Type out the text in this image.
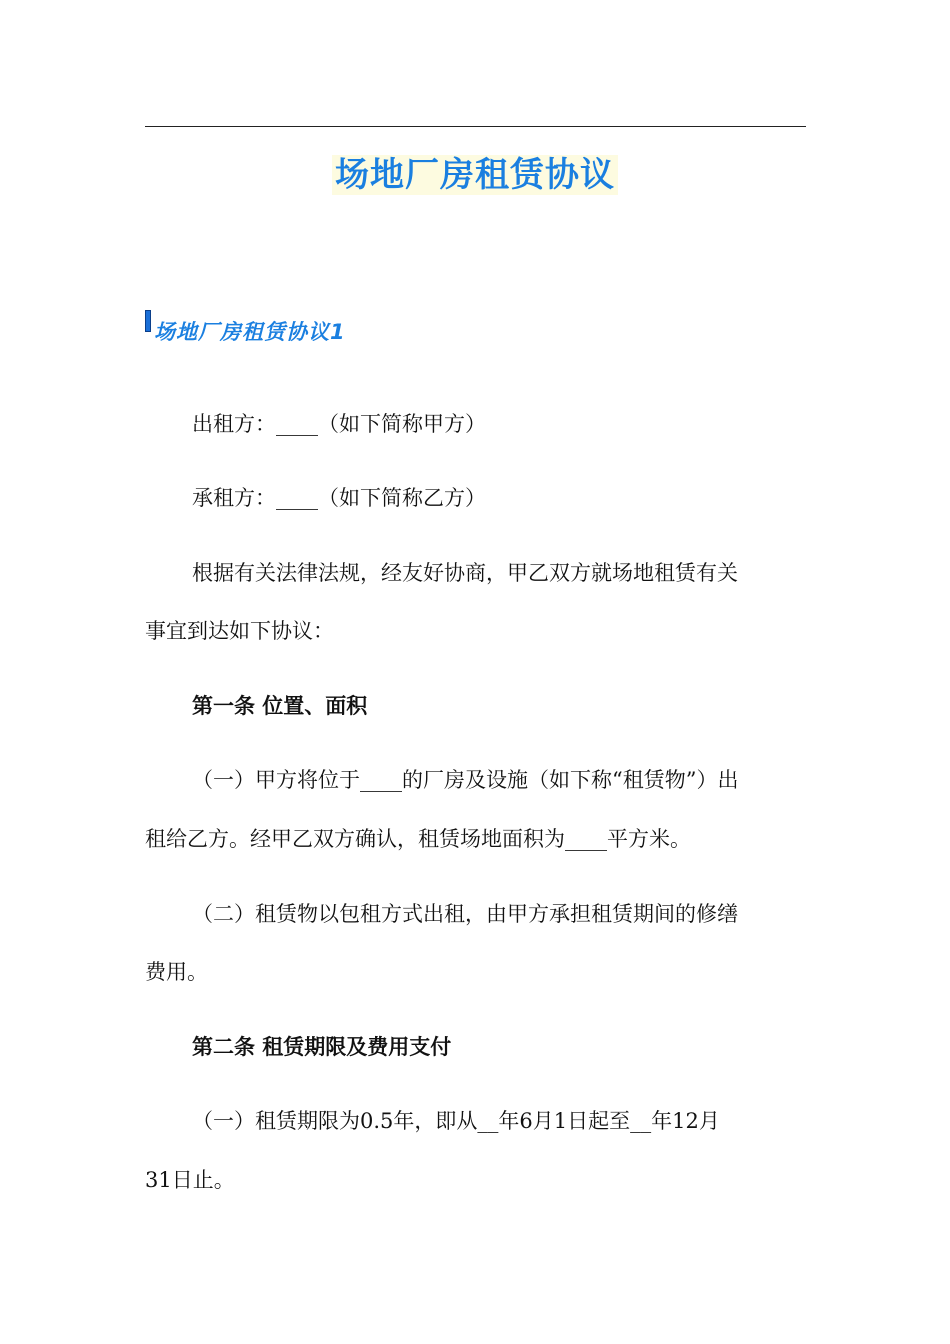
场地厂房租赁协议
场地厂房租赁协议1
出租方：____（如下简称甲方）
承租方：____（如下简称乙方）
根据有关法律法规，经友好协商，甲乙双方就场地租赁有关
事宜到达如下协议：
第一条 位置、面积
（一）甲方将位于____的厂房及设施（如下称“租赁物”）出
租给乙方。经甲乙双方确认，租赁场地面积为____平方米。
（二）租赁物以包租方式出租，由甲方承担租赁期间的修缮
费用。
第二条 租赁期限及费用支付
（一）租赁期限为0.5年，即从__年6月1日起至__年12月
31日止。
